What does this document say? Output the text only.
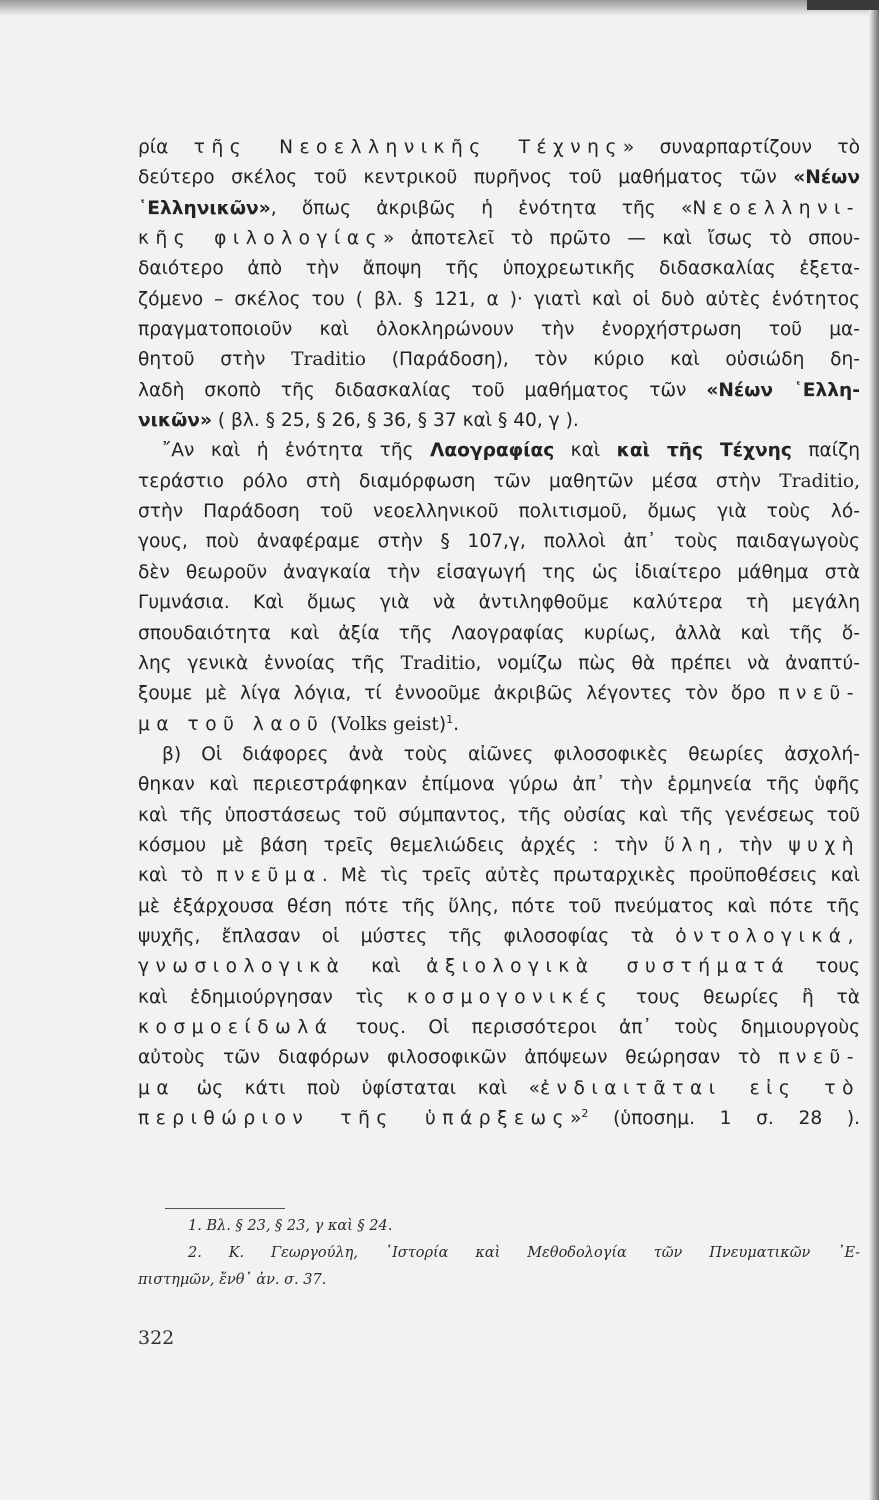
ρία τῆς Νεοελληνικῆς Τέχνης» συναρπαρτίζουν τὸ
δεύτερο σκέλος τοῦ κεντρικοῦ πυρῆνος τοῦ μαθήματος τῶν «Νέων
῾Ελληνικῶν», ὅπως ἀκριβῶς ἡ ἑνότητα τῆς «Νεοελληνι-
κῆς φιλολογίας» ἀποτελεῖ τὸ πρῶτο — καὶ ἴσως τὸ σπου-
δαιότερο ἀπὸ τὴν ἄποψη τῆς ὑποχρεωτικῆς διδασκαλίας ἐξετα-
ζόμενο – σκέλος του ( βλ. § 121, α )· γιατὶ καὶ οἱ δυὸ αὐτὲς ἑνότητος
πραγματοποιοῦν καὶ ὁλοκληρώνουν τὴν ἐνορχήστρωση τοῦ μα-
θητοῦ στὴν Traditio (Παράδοση), τὸν κύριο καὶ οὐσιώδη δη-
λαδὴ σκοπὸ τῆς διδασκαλίας τοῦ μαθήματος τῶν «Νέων ῾Ελλη-
νικῶν» ( βλ. § 25, § 26, § 36, § 37 καὶ § 40, γ ).
῎Αν καὶ ἡ ἑνότητα τῆς Λαογραφίας καὶ καὶ τῆς Τέχνης παίζη
τεράστιο ρόλο στὴ διαμόρφωση τῶν μαθητῶν μέσα στὴν Traditio,
στὴν Παράδοση τοῦ νεοελληνικοῦ πολιτισμοῦ, ὅμως γιὰ τοὺς λό-
γους, ποὺ ἀναφέραμε στὴν § 107,γ, πολλοὶ ἀπ᾿ τοὺς παιδαγωγοὺς
δὲν θεωροῦν ἀναγκαία τὴν εἰσαγωγή της ὡς ἰδιαίτερο μάθημα στὰ
Γυμνάσια. Καὶ ὅμως γιὰ νὰ ἀντιληφθοῦμε καλύτερα τὴ μεγάλη
σπουδαιότητα καὶ ἀξία τῆς Λαογραφίας κυρίως, ἀλλὰ καὶ τῆς ὅ-
λης γενικὰ ἐννοίας τῆς Traditio, νομίζω πὼς θὰ πρέπει νὰ ἀναπτύ-
ξουμε μὲ λίγα λόγια, τί ἐννοοῦμε ἀκριβῶς λέγοντες τὸν ὅρο πνεῦ-
μα τοῦ λαοῦ (Volks geist)$^1$.
β) Οἱ διάφορες ἀνὰ τοὺς αἰῶνες φιλοσοφικὲς θεωρίες ἀσχολή-
θηκαν καὶ περιεστράφηκαν ἐπίμονα γύρω ἀπ᾿ τὴν ἑρμηνεία τῆς ὑφῆς
καὶ τῆς ὑποστάσεως τοῦ σύμπαντος, τῆς οὐσίας καὶ τῆς γενέσεως τοῦ
κόσμου μὲ βάση τρεῖς θεμελιώδεις ἀρχές : τὴν ὕλη, τὴν ψυχὴ
καὶ τὸ πνεῦμα. Μὲ τὶς τρεῖς αὐτὲς πρωταρχικὲς προϋποθέσεις καὶ
μὲ ἐξάρχουσα θέση πότε τῆς ὕλης, πότε τοῦ πνεύματος καὶ πότε τῆς
ψυχῆς, ἔπλασαν οἱ μύστες τῆς φιλοσοφίας τὰ ὀντολογικά,
γνωσιολογικὰ καὶ ἀξιολογικὰ συστήματά τους
καὶ ἐδημιούργησαν τὶς κοσμογονικές τους θεωρίες ἢ τὰ
κοσμοείδωλά τους. Οἱ περισσότεροι ἀπ᾿ τοὺς δημιουργοὺς
αὐτοὺς τῶν διαφόρων φιλοσοφικῶν ἀπόψεων θεώρησαν τὸ πνεῦ-
μα ὡς κάτι ποὺ ὑφίσταται καὶ «ἐνδιαιτᾶται εἰς τὸ
περιθώριον τῆς ὑπάρξεως»$^2$ (ὑποσημ. 1 σ. 28 ).
1. Βλ. § 23, § 23, γ καὶ § 24.
2. Κ. Γεωργούλη, ῾Ιστορία καὶ Μεθοδολογία τῶν Πνευματικῶν ᾿Ε-
πιστημῶν, ἔνθ᾿ ἀν. σ. 37.
322
